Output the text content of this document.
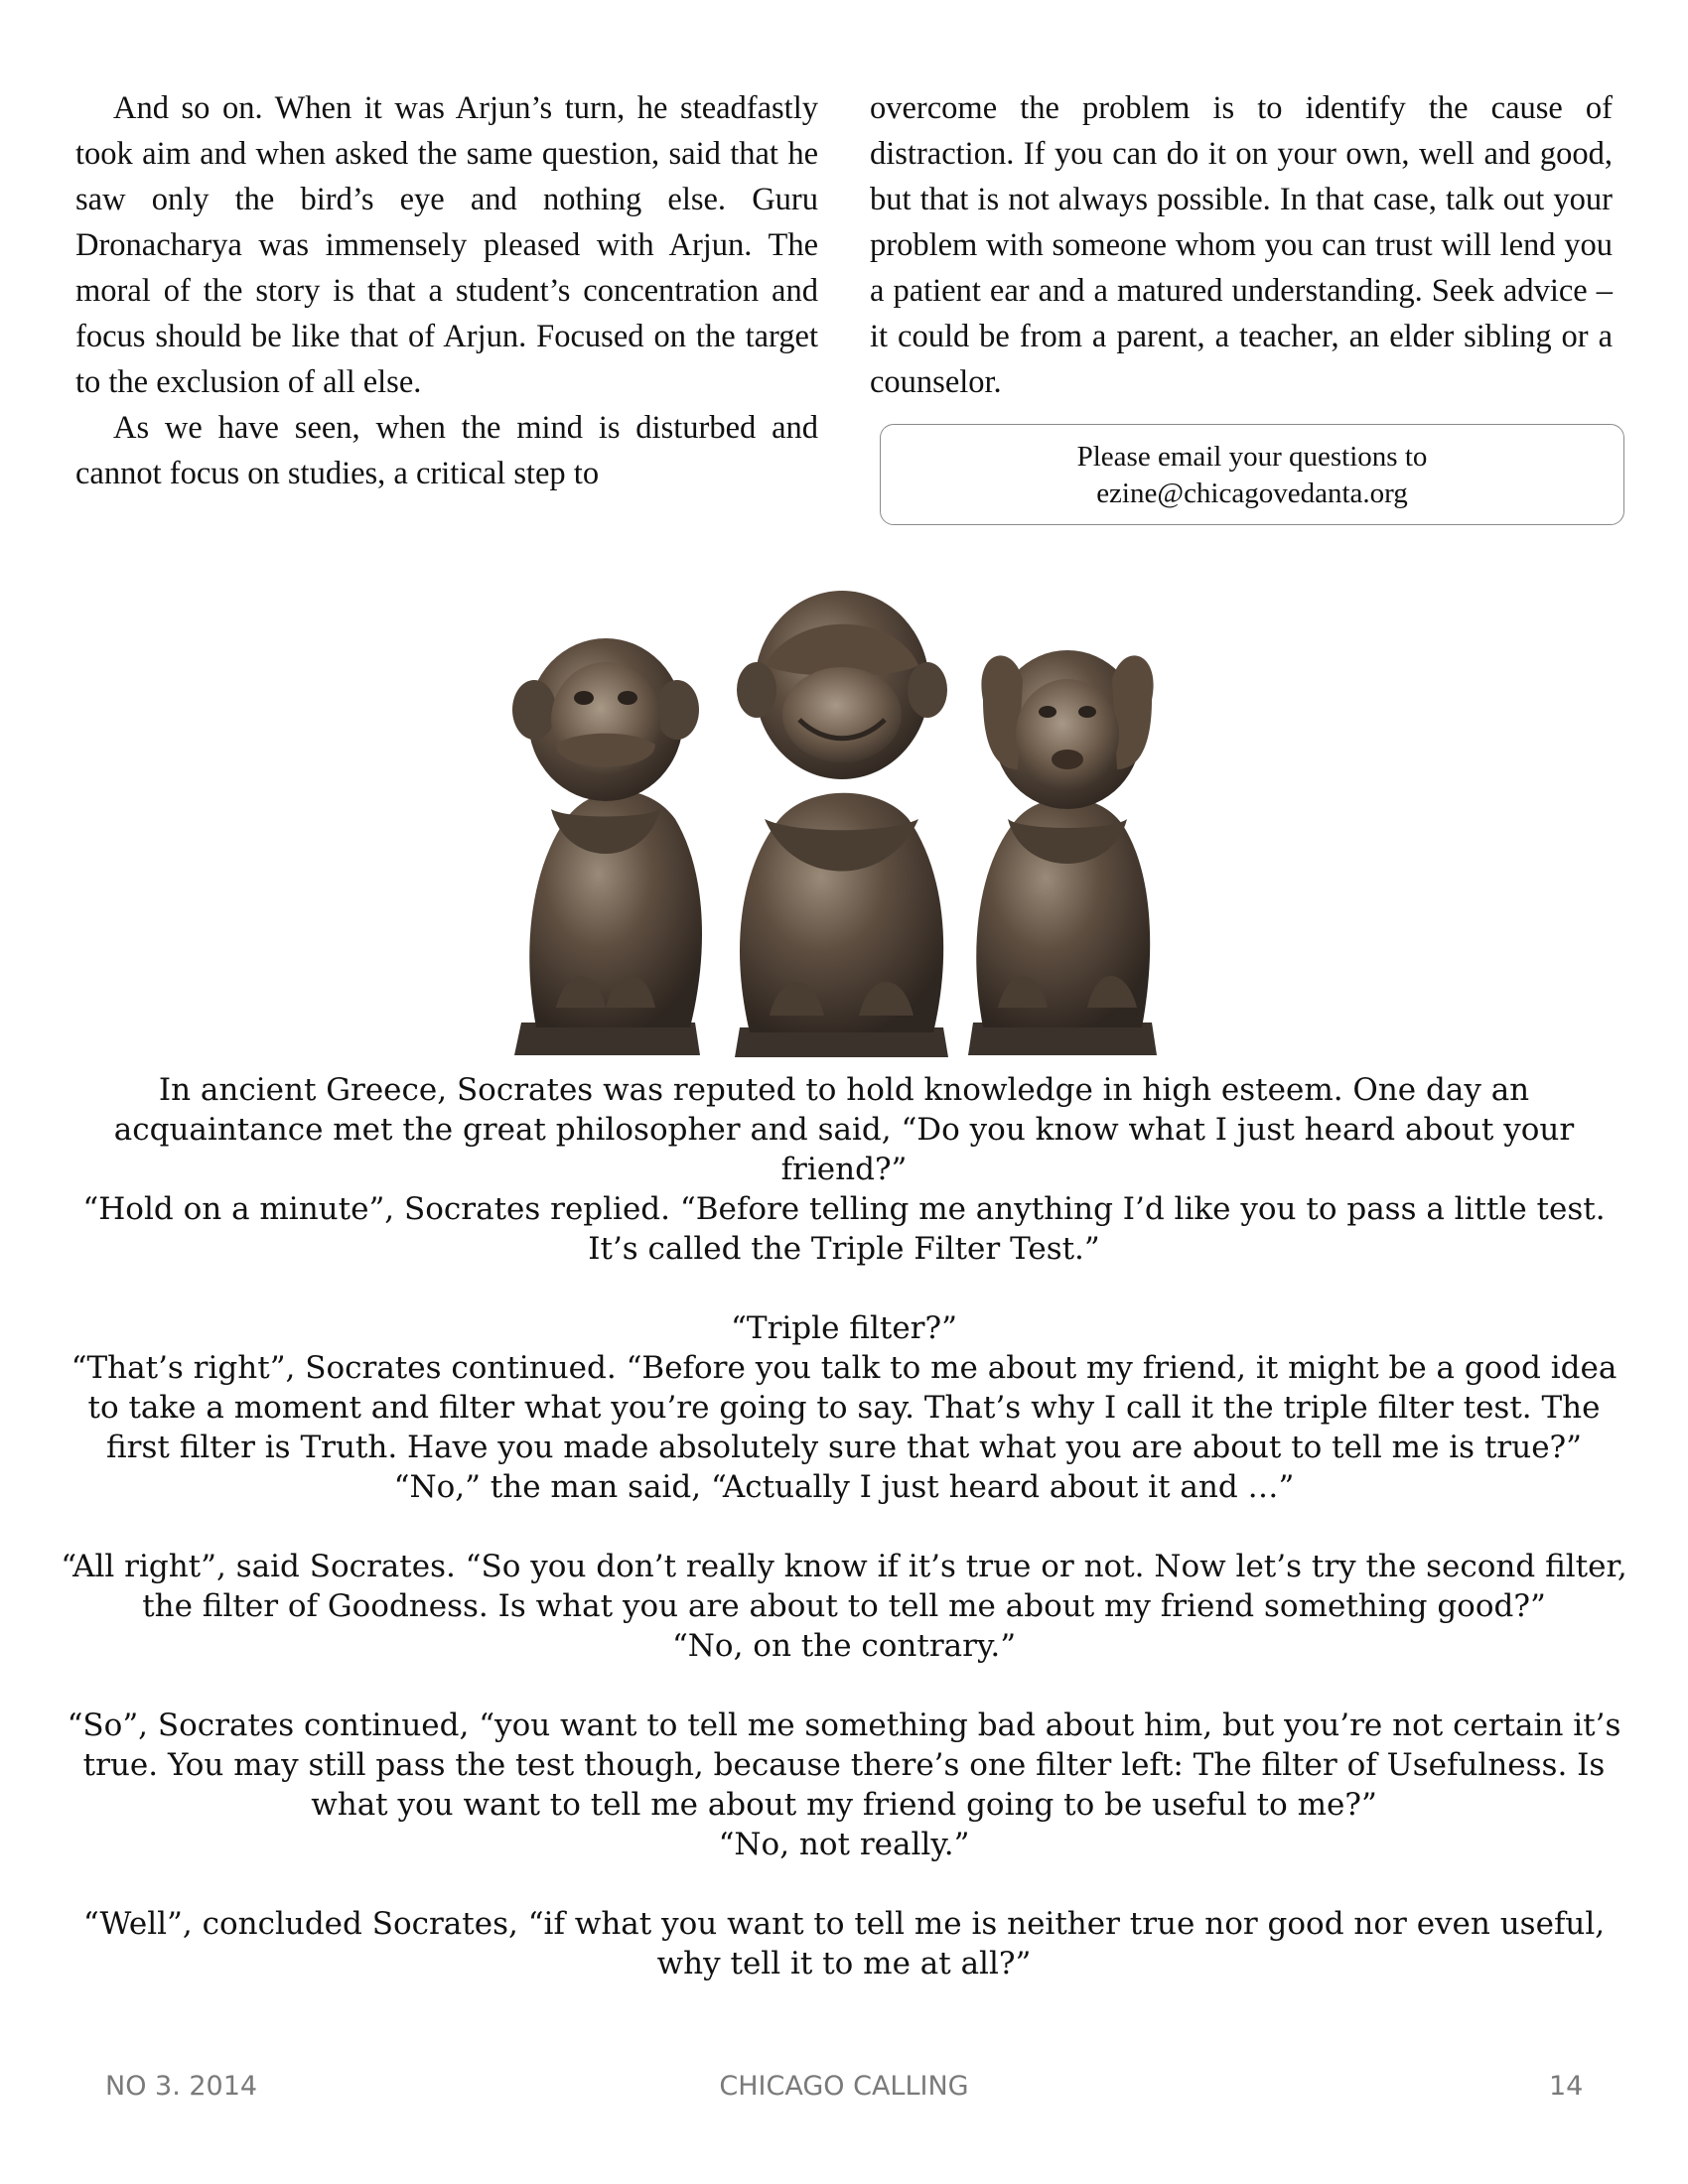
And so on. When it was Arjun’s turn, he steadfastly took aim and when asked the same question, said that he saw only the bird’s eye and nothing else. Guru Dronacharya was immensely pleased with Arjun. The moral of the story is that a student’s concentration and focus should be like that of Arjun. Focused on the target to the exclusion of all else.

As we have seen, when the mind is disturbed and cannot focus on studies, a critical step to

overcome the problem is to identify the cause of distraction. If you can do it on your own, well and good, but that is not always possible. In that case, talk out your problem with someone whom you can trust will lend you a patient ear and a matured understanding. Seek advice – it could be from a parent, a teacher, an elder sibling or a counselor.

Please email your questions to
ezine@chicagovedanta.org

In ancient Greece, Socrates was reputed to hold knowledge in high esteem. One day an acquaintance met the great philosopher and said, “Do you know what I just heard about your friend?”

“Hold on a minute”, Socrates replied. “Before telling me anything I’d like you to pass a little test. It’s called the Triple Filter Test.”

“Triple filter?”

“That’s right”, Socrates continued. “Before you talk to me about my friend, it might be a good idea to take a moment and filter what you’re going to say. That’s why I call it the triple filter test. The first filter is Truth. Have you made absolutely sure that what you are about to tell me is true?”

“No,” the man said, “Actually I just heard about it and …”

“All right”, said Socrates. “So you don’t really know if it’s true or not. Now let’s try the second filter, the filter of Goodness. Is what you are about to tell me about my friend something good?”

“No, on the contrary.”

“So”, Socrates continued, “you want to tell me something bad about him, but you’re not certain it’s true. You may still pass the test though, because there’s one filter left: The filter of Usefulness. Is what you want to tell me about my friend going to be useful to me?”

“No, not really.”

“Well”, concluded Socrates, “if what you want to tell me is neither true nor good nor even useful, why tell it to me at all?”

NO 3. 2014	CHICAGO CALLING	14
